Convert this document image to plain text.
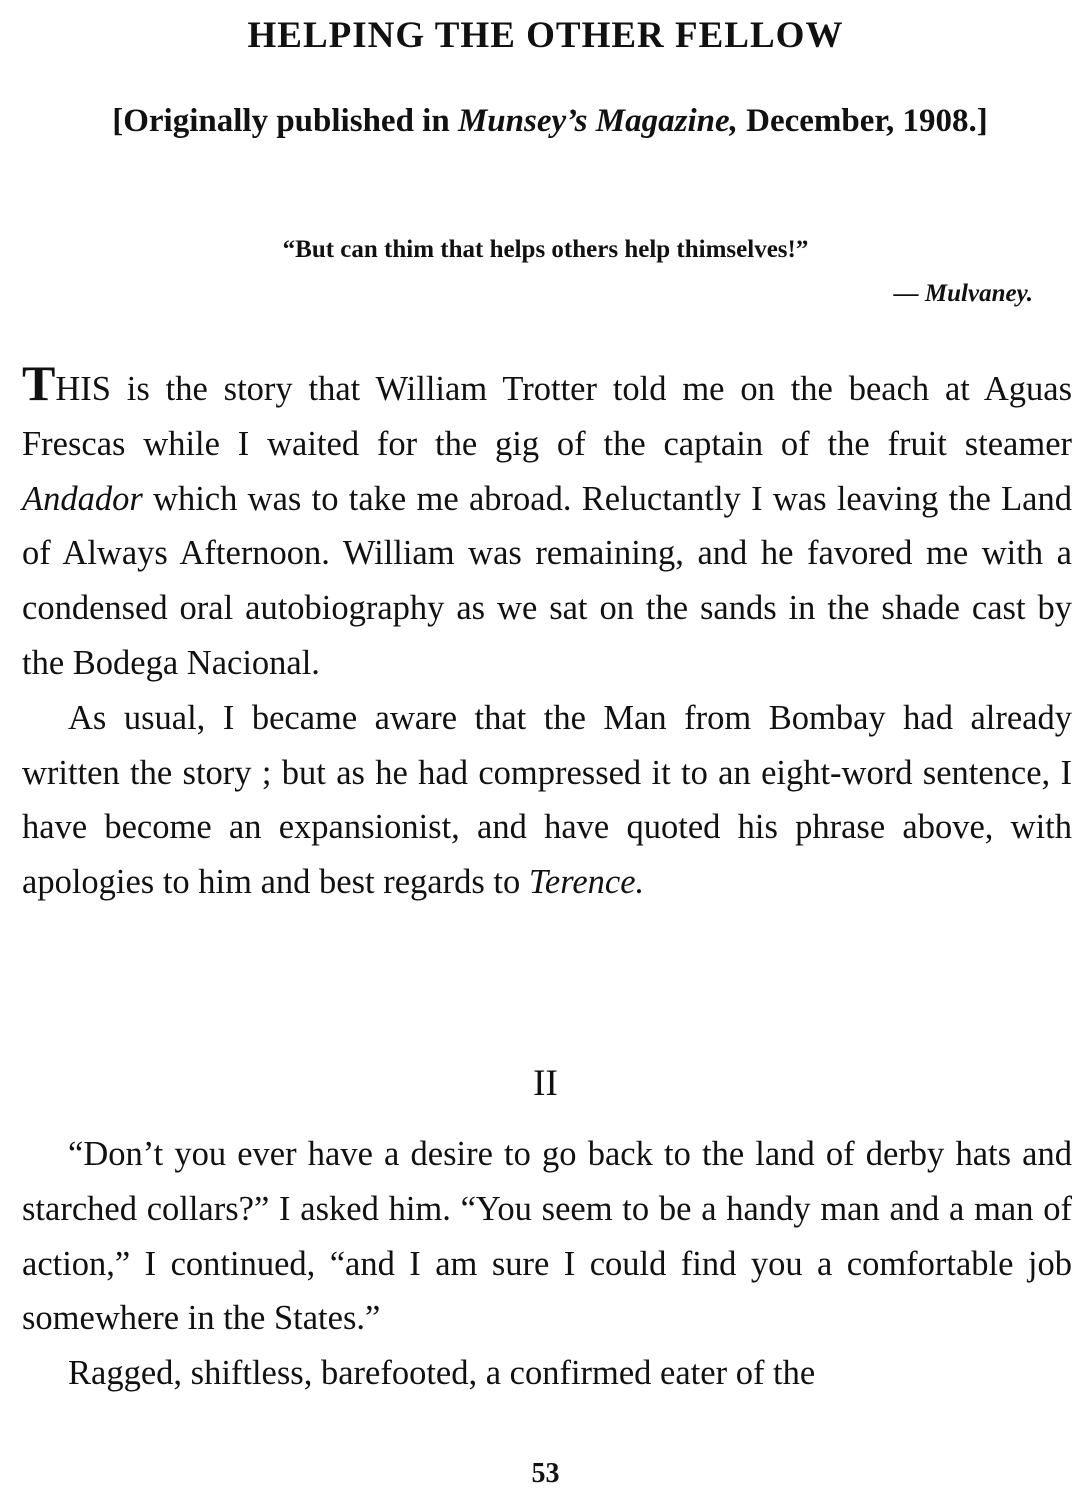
HELPING THE OTHER FELLOW
[Originally published in Munsey’s Magazine, December, 1908.]
“But can thim that helps others help thimselves!”
— Mulvaney.

THIS is the story that William Trotter told me on the beach at Aguas Frescas while I waited for the gig of the captain of the fruit steamer Andador which was to take me abroad. Reluctantly I was leaving the Land of Always Afternoon. William was remaining, and he favored me with a condensed oral autobiography as we sat on the sands in the shade cast by the Bodega Nacional.

As usual, I became aware that the Man from Bombay had already written the story ; but as he had compressed it to an eight-word sentence, I have become an expansionist, and have quoted his phrase above, with apologies to him and best regards to Terence.

II

“Don’t you ever have a desire to go back to the land of derby hats and starched collars?” I asked him. “You seem to be a handy man and a man of action,” I continued, “and I am sure I could find you a comfortable job somewhere in the States.”

Ragged, shiftless, barefooted, a confirmed eater of the

53
